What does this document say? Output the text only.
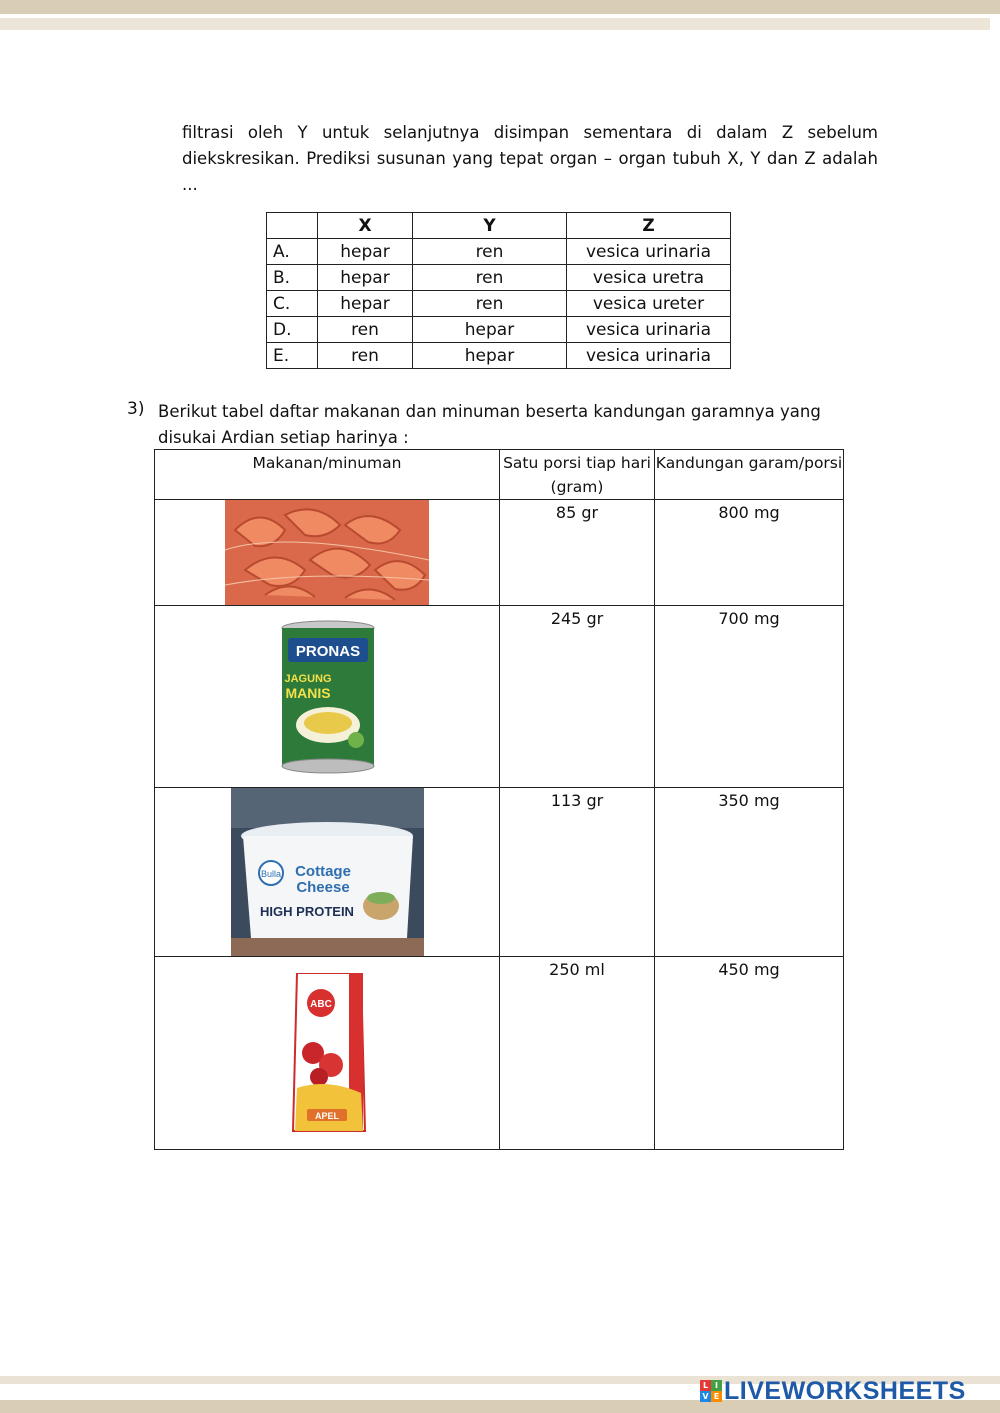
filtrasi oleh Y untuk selanjutnya disimpan sementara di dalam Z sebelum diekskresikan. Prediksi susunan yang tepat organ – organ tubuh X, Y dan Z adalah ...
	X	Y	Z
A.	hepar	ren	vesica urinaria
B.	hepar	ren	vesica uretra
C.	hepar	ren	vesica ureter
D.	ren	hepar	vesica urinaria
E.	ren	hepar	vesica urinaria
3) Berikut tabel daftar makanan dan minuman beserta kandungan garamnya yang disukai Ardian setiap harinya :
Makanan/minuman	Satu porsi tiap hari (gram)	Kandungan garam/porsi

	85 gr	800 mg

PRONAS
JAGUNG
MANIS	245 gr	700 mg

Bulla Cottage
Cheese
HIGH PROTEIN	113 gr	350 mg

ABC
APEL	250 ml	450 mg
L I
V E LIVEWORKSHEETS
